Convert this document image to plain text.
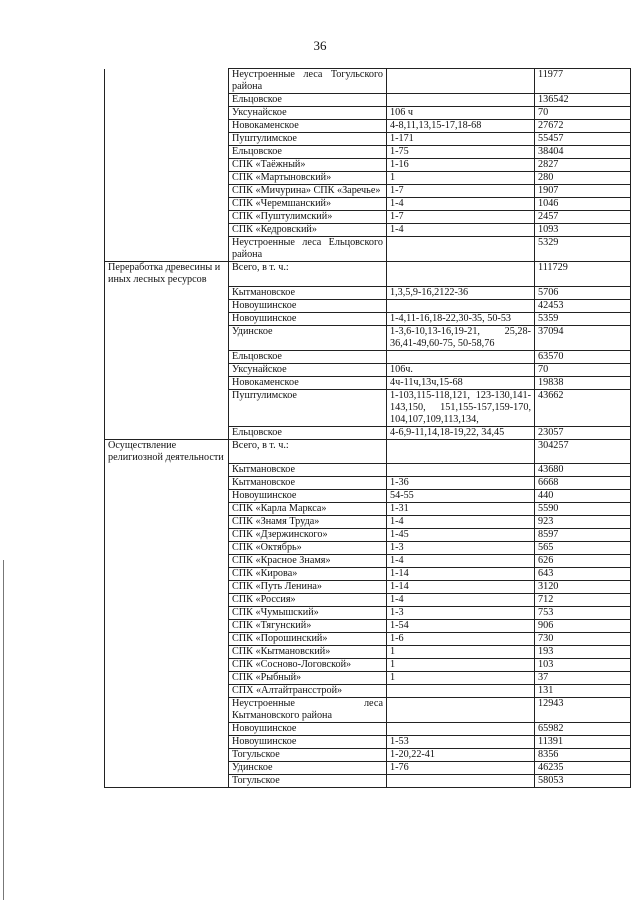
36
	Неустроенные леса Тогульского района		11977
	Ельцовское		136542
	Уксунайское	106 ч	70
	Новокаменское	4-8,11,13,15-17,18-68	27672
	Пуштулимское	1-171	55457
	Ельцовское	1-75	38404
	СПК «Таёжный»	1-16	2827
	СПК «Мартыновский»	1	280
	СПК «Мичурина» СПК «Заречье»	1-7	1907
	СПК «Черемшанский»	1-4	1046
	СПК «Пуштулимский»	1-7	2457
	СПК «Кедровский»	1-4	1093
	Неустроенные леса Ельцовского района		5329
Переработка древесины и иных лесных ресурсов	Всего, в т. ч.:		111729
	Кытмановское	1,3,5,9-16,2122-36	5706
	Новоушинское		42453
	Новоушинское	1-4,11-16,18-22,30-35, 50-53	5359
	Удинское	1-3,6-10,13-16,19-21, 25,28-36,41-49,60-75, 50-58,76	37094
	Ельцовское		63570
	Уксунайское	106ч.	70
	Новокаменское	4ч-11ч,13ч,15-68	19838
	Пуштулимское	1-103,115-118,121, 123-130,141-143,150, 151,155-157,159-170, 104,107,109,113,134,	43662
	Ельцовское	4-6,9-11,14,18-19,22, 34,45	23057
Осуществление религиозной деятельности	Всего, в т. ч.:		304257
	Кытмановское		43680
	Кытмановское	1-36	6668
	Новоушинское	54-55	440
	СПК «Карла Маркса»	1-31	5590
	СПК «Знамя Труда»	1-4	923
	СПК «Дзержинского»	1-45	8597
	СПК «Октябрь»	1-3	565
	СПК «Красное Знамя»	1-4	626
	СПК «Кирова»	1-14	643
	СПК «Путь Ленина»	1-14	3120
	СПК «Россия»	1-4	712
	СПК «Чумышский»	1-3	753
	СПК «Тягунский»	1-54	906
	СПК «Порошинский»	1-6	730
	СПК «Кытмановский»	1	193
	СПК «Сосново-Логовской»	1	103
	СПК «Рыбный»	1	37
	СПХ «Алтайтрансстрой»		131
	Неустроенные леса Кытмановского района		12943
	Новоушинское		65982
	Новоушинское	1-53	11391
	Тогульское	1-20,22-41	8356
	Удинское	1-76	46235
	Тогульское		58053
